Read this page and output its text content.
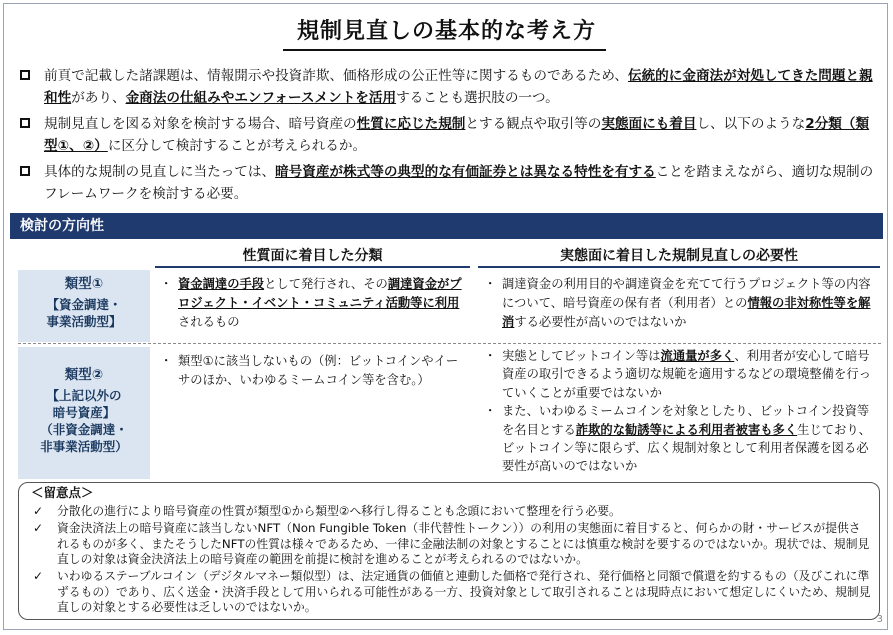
規制見直しの基本的な考え方
前頁で記載した諸課題は、情報開示や投資詐欺、価格形成の公正性等に関するものであるため、伝統的に金商法が対処してきた問題と親和性があり、金商法の仕組みやエンフォースメントを活用することも選択肢の一つ。
規制見直しを図る対象を検討する場合、暗号資産の性質に応じた規制とする観点や取引等の実態面にも着目し、以下のような2分類（類型①、②）に区分して検討することが考えられるか。
具体的な規制の見直しに当たっては、暗号資産が株式等の典型的な有価証券とは異なる特性を有することを踏まえながら、適切な規制のフレームワークを検討する必要。
検討の方向性
性質面に着目した分類	実態面に着目した規制見直しの必要性
類型①
【資金調達・
事業活動型】
・ 資金調達の手段として発行され、その調達資金がプロジェクト・イベント・コミュニティ活動等に利用されるもの
・ 調達資金の利用目的や調達資金を充てて行うプロジェクト等の内容について、暗号資産の保有者（利用者）との情報の非対称性等を解消する必要性が高いのではないか
類型②
【上記以外の
暗号資産】
（非資金調達・
非事業活動型）
・ 類型①に該当しないもの（例：ビットコインやイーサのほか、いわゆるミームコイン等を含む。）
・ 実態としてビットコイン等は流通量が多く、利用者が安心して暗号資産の取引できるよう適切な規範を適用するなどの環境整備を行っていくことが重要ではないか
・ また、いわゆるミームコインを対象としたり、ビットコイン投資等を名目とする詐欺的な勧誘等による利用者被害も多く生じており、ビットコイン等に限らず、広く規制対象として利用者保護を図る必要性が高いのではないか
＜留意点＞
✓ 分散化の進行により暗号資産の性質が類型①から類型②へ移行し得ることも念頭において整理を行う必要。
✓ 資金決済法上の暗号資産に該当しないNFT（Non Fungible Token（非代替性トークン））の利用の実態面に着目すると、何らかの財・サービスが提供されるものが多く、またそうしたNFTの性質は様々であるため、一律に金融法制の対象とすることには慎重な検討を要するのではないか。現状では、規制見直しの対象は資金決済法上の暗号資産の範囲を前提に検討を進めることが考えられるのではないか。
✓ いわゆるステーブルコイン（デジタルマネー類似型）は、法定通貨の価値と連動した価格で発行され、発行価格と同額で償還を約するもの（及びこれに準ずるもの）であり、広く送金・決済手段として用いられる可能性がある一方、投資対象として取引されることは現時点において想定しにくいため、規制見直しの対象とする必要性は乏しいのではないか。
3
